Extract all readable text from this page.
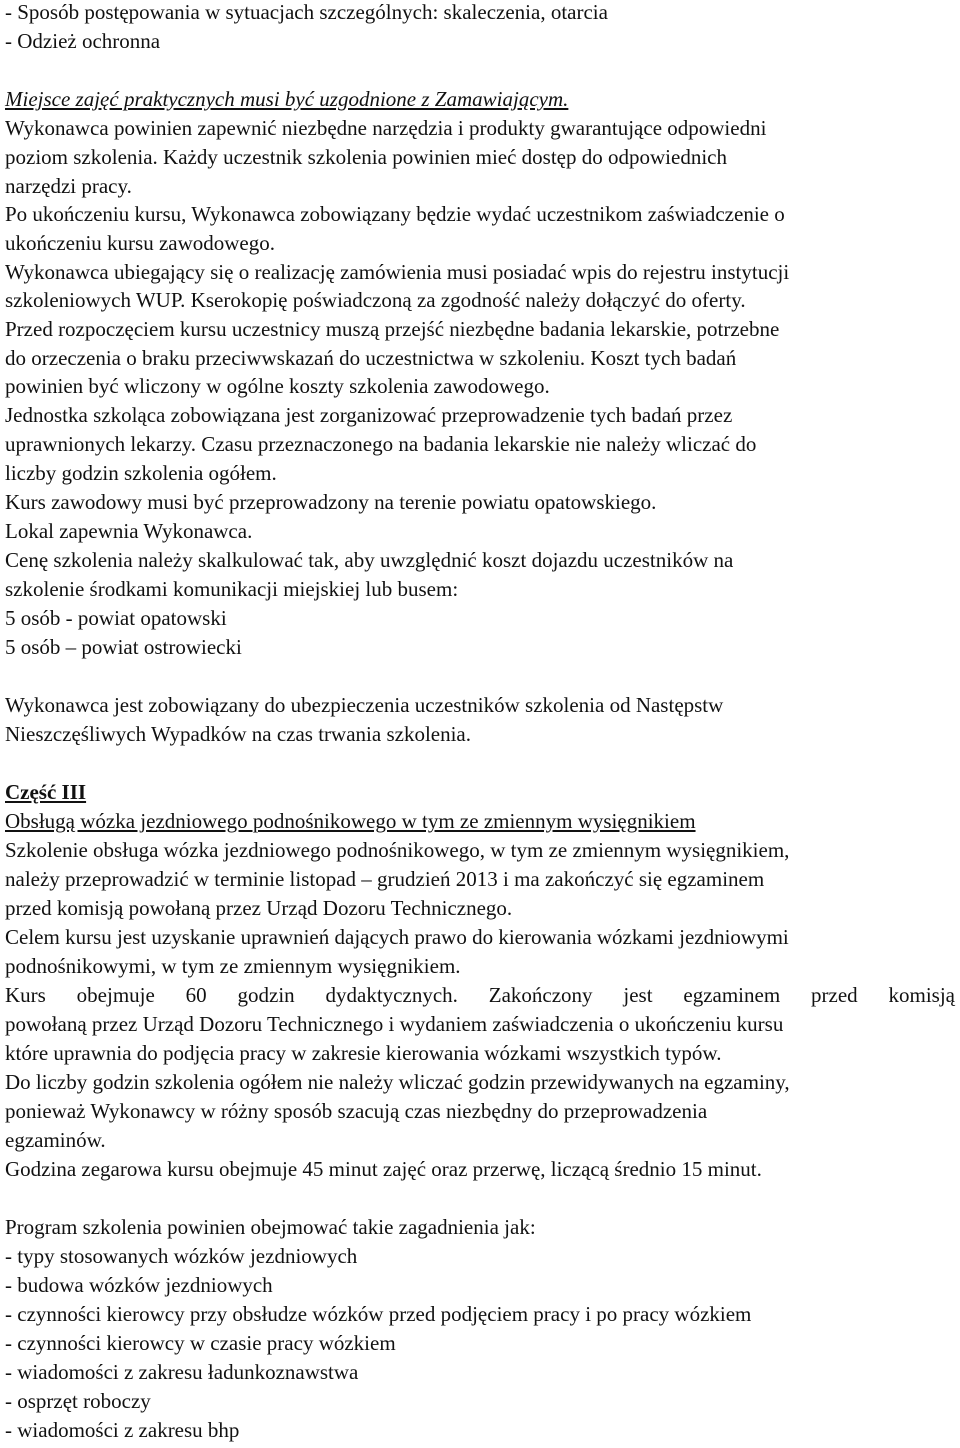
- Sposób postępowania w sytuacjach szczególnych: skaleczenia, otarcia
- Odzież ochronna
Miejsce zajęć praktycznych musi być uzgodnione z Zamawiającym.
Wykonawca powinien zapewnić niezbędne narzędzia i produkty gwarantujące odpowiedni
poziom szkolenia. Każdy uczestnik szkolenia powinien mieć dostęp do odpowiednich
narzędzi pracy.
Po ukończeniu kursu, Wykonawca zobowiązany będzie wydać uczestnikom zaświadczenie o
ukończeniu kursu zawodowego.
Wykonawca ubiegający się o realizację zamówienia musi posiadać wpis do rejestru instytucji
szkoleniowych WUP. Kserokopię poświadczoną za zgodność należy dołączyć do oferty.
Przed rozpoczęciem kursu uczestnicy muszą przejść niezbędne badania lekarskie, potrzebne
do orzeczenia o braku przeciwwskazań do uczestnictwa w szkoleniu. Koszt tych badań
powinien być wliczony w ogólne koszty szkolenia zawodowego.
Jednostka szkoląca zobowiązana jest zorganizować przeprowadzenie tych badań przez
uprawnionych lekarzy. Czasu przeznaczonego na badania lekarskie nie należy wliczać do
liczby godzin szkolenia ogółem.
Kurs zawodowy musi być przeprowadzony na terenie powiatu opatowskiego.
Lokal zapewnia Wykonawca.
Cenę szkolenia należy skalkulować tak, aby uwzględnić koszt dojazdu uczestników na
szkolenie środkami komunikacji miejskiej lub busem:
5 osób - powiat opatowski
5 osób – powiat ostrowiecki
Wykonawca jest zobowiązany do ubezpieczenia uczestników szkolenia od Następstw
Nieszczęśliwych Wypadków na czas trwania szkolenia.
Część III
Obsługą wózka jezdniowego podnośnikowego w tym ze zmiennym wysięgnikiem
Szkolenie obsługa wózka jezdniowego podnośnikowego, w tym ze zmiennym wysięgnikiem,
należy przeprowadzić w terminie listopad – grudzień 2013 i ma zakończyć się egzaminem
przed komisją powołaną przez Urząd Dozoru Technicznego.
Celem kursu jest uzyskanie uprawnień dających prawo do kierowania wózkami jezdniowymi
podnośnikowymi, w tym ze zmiennym wysięgnikiem.
Kurs obejmuje 60 godzin dydaktycznych. Zakończony jest egzaminem przed komisją
powołaną przez Urząd Dozoru Technicznego i wydaniem zaświadczenia o ukończeniu kursu
które uprawnia do podjęcia pracy w zakresie kierowania wózkami wszystkich typów.
Do liczby godzin szkolenia ogółem nie należy wliczać godzin przewidywanych na egzaminy,
ponieważ Wykonawcy w różny sposób szacują czas niezbędny do przeprowadzenia
egzaminów.
Godzina zegarowa kursu obejmuje 45 minut zajęć oraz przerwę, liczącą średnio 15 minut.
Program szkolenia powinien obejmować takie zagadnienia jak:
- typy stosowanych wózków jezdniowych
- budowa wózków jezdniowych
- czynności kierowcy przy obsłudze wózków przed podjęciem pracy i po pracy wózkiem
- czynności kierowcy w czasie pracy wózkiem
- wiadomości z zakresu ładunkoznawstwa
- osprzęt roboczy
- wiadomości z zakresu bhp
